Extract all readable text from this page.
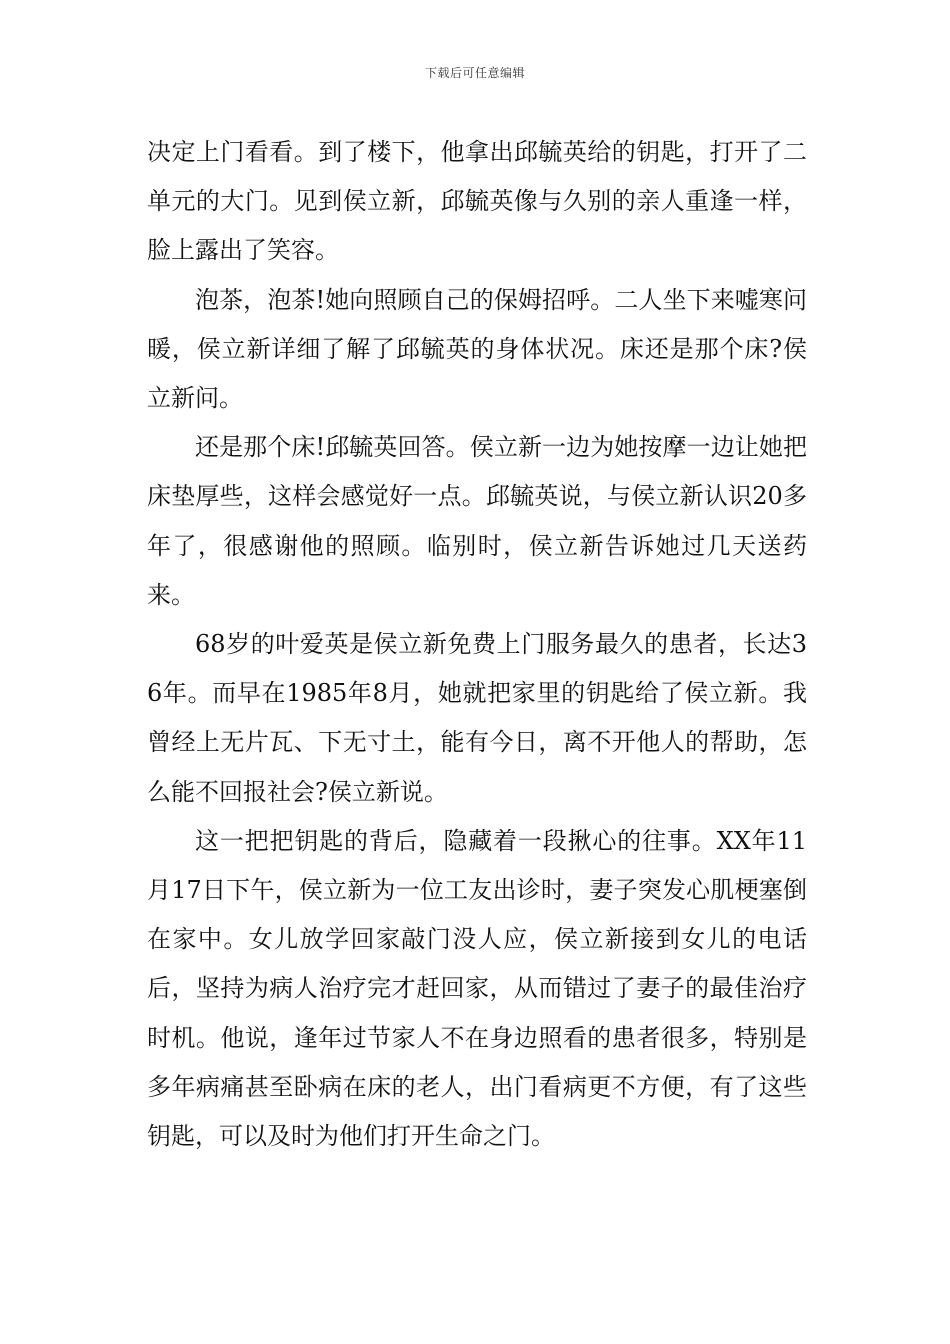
下载后可任意编辑

决定上门看看。到了楼下，他拿出邱毓英给的钥匙，打开了二单元的大门。见到侯立新，邱毓英像与久别的亲人重逢一样，脸上露出了笑容。

泡茶，泡茶!她向照顾自己的保姆招呼。二人坐下来嘘寒问暖，侯立新详细了解了邱毓英的身体状况。床还是那个床?侯立新问。

还是那个床!邱毓英回答。侯立新一边为她按摩一边让她把床垫厚些，这样会感觉好一点。邱毓英说，与侯立新认识20多年了，很感谢他的照顾。临别时，侯立新告诉她过几天送药来。

68岁的叶爱英是侯立新免费上门服务最久的患者，长达36年。而早在1985年8月，她就把家里的钥匙给了侯立新。我曾经上无片瓦、下无寸土，能有今日，离不开他人的帮助，怎么能不回报社会?侯立新说。

这一把把钥匙的背后，隐藏着一段揪心的往事。XX年11月17日下午，侯立新为一位工友出诊时，妻子突发心肌梗塞倒在家中。女儿放学回家敲门没人应，侯立新接到女儿的电话后，坚持为病人治疗完才赶回家，从而错过了妻子的最佳治疗时机。他说，逢年过节家人不在身边照看的患者很多，特别是多年病痛甚至卧病在床的老人，出门看病更不方便，有了这些钥匙，可以及时为他们打开生命之门。
